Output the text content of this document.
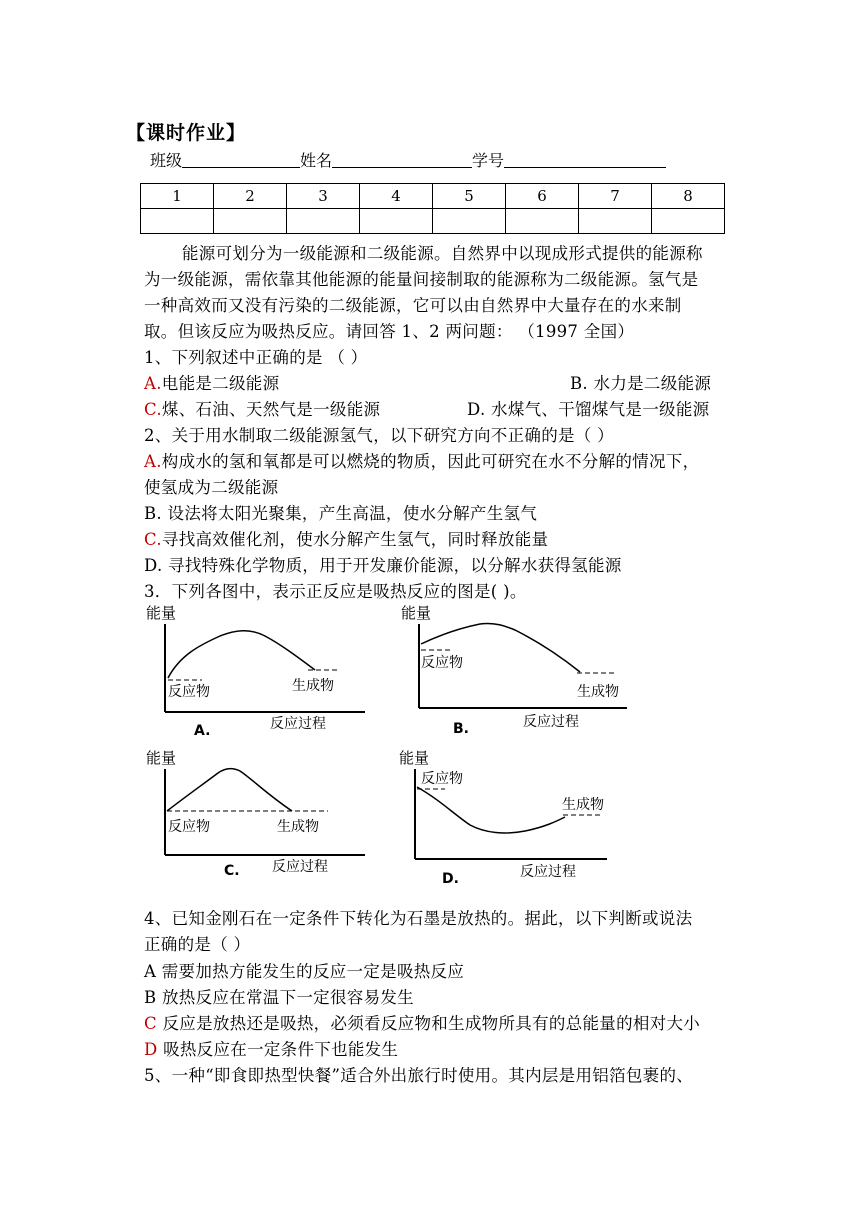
【课时作业】
班级	姓名	学号
1	2	3	4	5	6	7	8

能源可划分为一级能源和二级能源。自然界中以现成形式提供的能源称
为一级能源，需依靠其他能源的能量间接制取的能源称为二级能源。氢气是
一种高效而又没有污染的二级能源，它可以由自然界中大量存在的水来制
取。但该反应为吸热反应。请回答 1、2 两问题： （1997 全国）
1、下列叙述中正确的是 （ ）
A.电能是二级能源	B. 水力是二级能源
C.煤、石油、天然气是一级能源	D. 水煤气、干馏煤气是一级能源
2、关于用水制取二级能源氢气，以下研究方向不正确的是（ ）
A.构成水的氢和氧都是可以燃烧的物质，因此可研究在水不分解的情况下，
使氢成为二级能源
B. 设法将太阳光聚集，产生高温，使水分解产生氢气
C.寻找高效催化剂，使水分解产生氢气，同时释放能量
D. 寻找特殊化学物质，用于开发廉价能源，以分解水获得氢能源
3．下列各图中，表示正反应是吸热反应的图是( )。
能量
反应物	生成物
反应过程
A.
能量
反应物
生成物
反应过程
B.
能量
反应物	生成物
反应过程
C.
能量
反应物
生成物
反应过程
D.
4、已知金刚石在一定条件下转化为石墨是放热的。据此，以下判断或说法
正确的是（ ）
A 需要加热方能发生的反应一定是吸热反应
B 放热反应在常温下一定很容易发生
C 反应是放热还是吸热，必须看反应物和生成物所具有的总能量的相对大小
D 吸热反应在一定条件下也能发生
5、一种“即食即热型快餐”适合外出旅行时使用。其内层是用铝箔包裹的、
